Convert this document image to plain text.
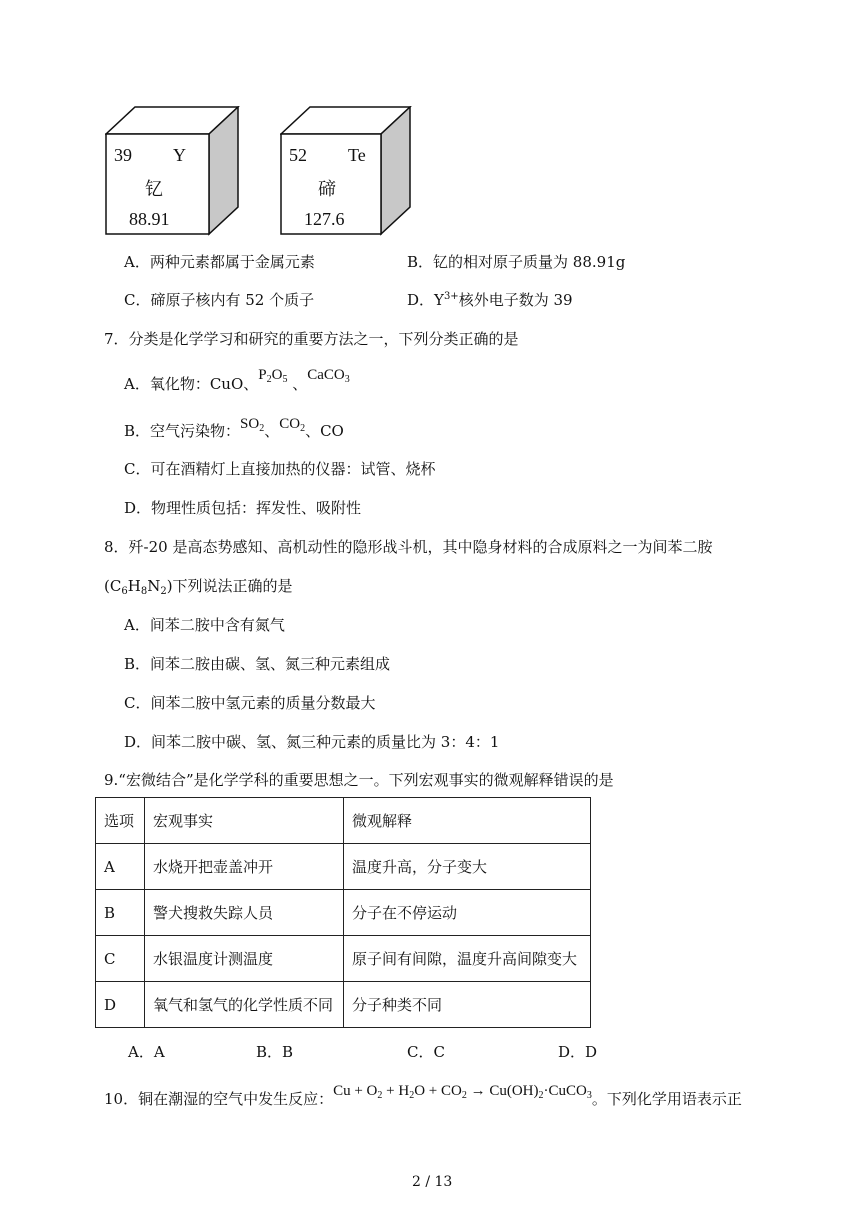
39 Y
钇
88.91
52 Te
碲
127.6
A．两种元素都属于金属元素	B．钇的相对原子质量为 88.91g
C．碲原子核内有 52 个质子	D．$Y^{3+}$核外电子数为 39
7．分类是化学学习和研究的重要方法之一，下列分类正确的是
A．氧化物：CuO、$P_2O_5$ 、CaCO$_3$
B．空气污染物：$SO_2$、$CO_2$、CO
C．可在酒精灯上直接加热的仪器：试管、烧杯
D．物理性质包括：挥发性、吸附性
8．歼-20 是高态势感知、高机动性的隐形战斗机，其中隐身材料的合成原料之一为间苯二胺
$(C_6H_8N_2)$下列说法正确的是
A．间苯二胺中含有氮气
B．间苯二胺由碳、氢、氮三种元素组成
C．间苯二胺中氢元素的质量分数最大
D．间苯二胺中碳、氢、氮三种元素的质量比为 3：4：1
9.“宏微结合”是化学学科的重要思想之一。下列宏观事实的微观解释错误的是
选项	宏观事实	微观解释
A	水烧开把壶盖冲开	温度升高，分子变大
B	警犬搜救失踪人员	分子在不停运动
C	水银温度计测温度	原子间有间隙，温度升高间隙变大
D	氧气和氢气的化学性质不同	分子种类不同
A．A	B．B	C．C	D．D
10．铜在潮湿的空气中发生反应：$Cu + O_2 + H_2O + CO_2$ → $Cu(OH)_2\cdot CuCO_3$。下列化学用语表示正
2 / 13
